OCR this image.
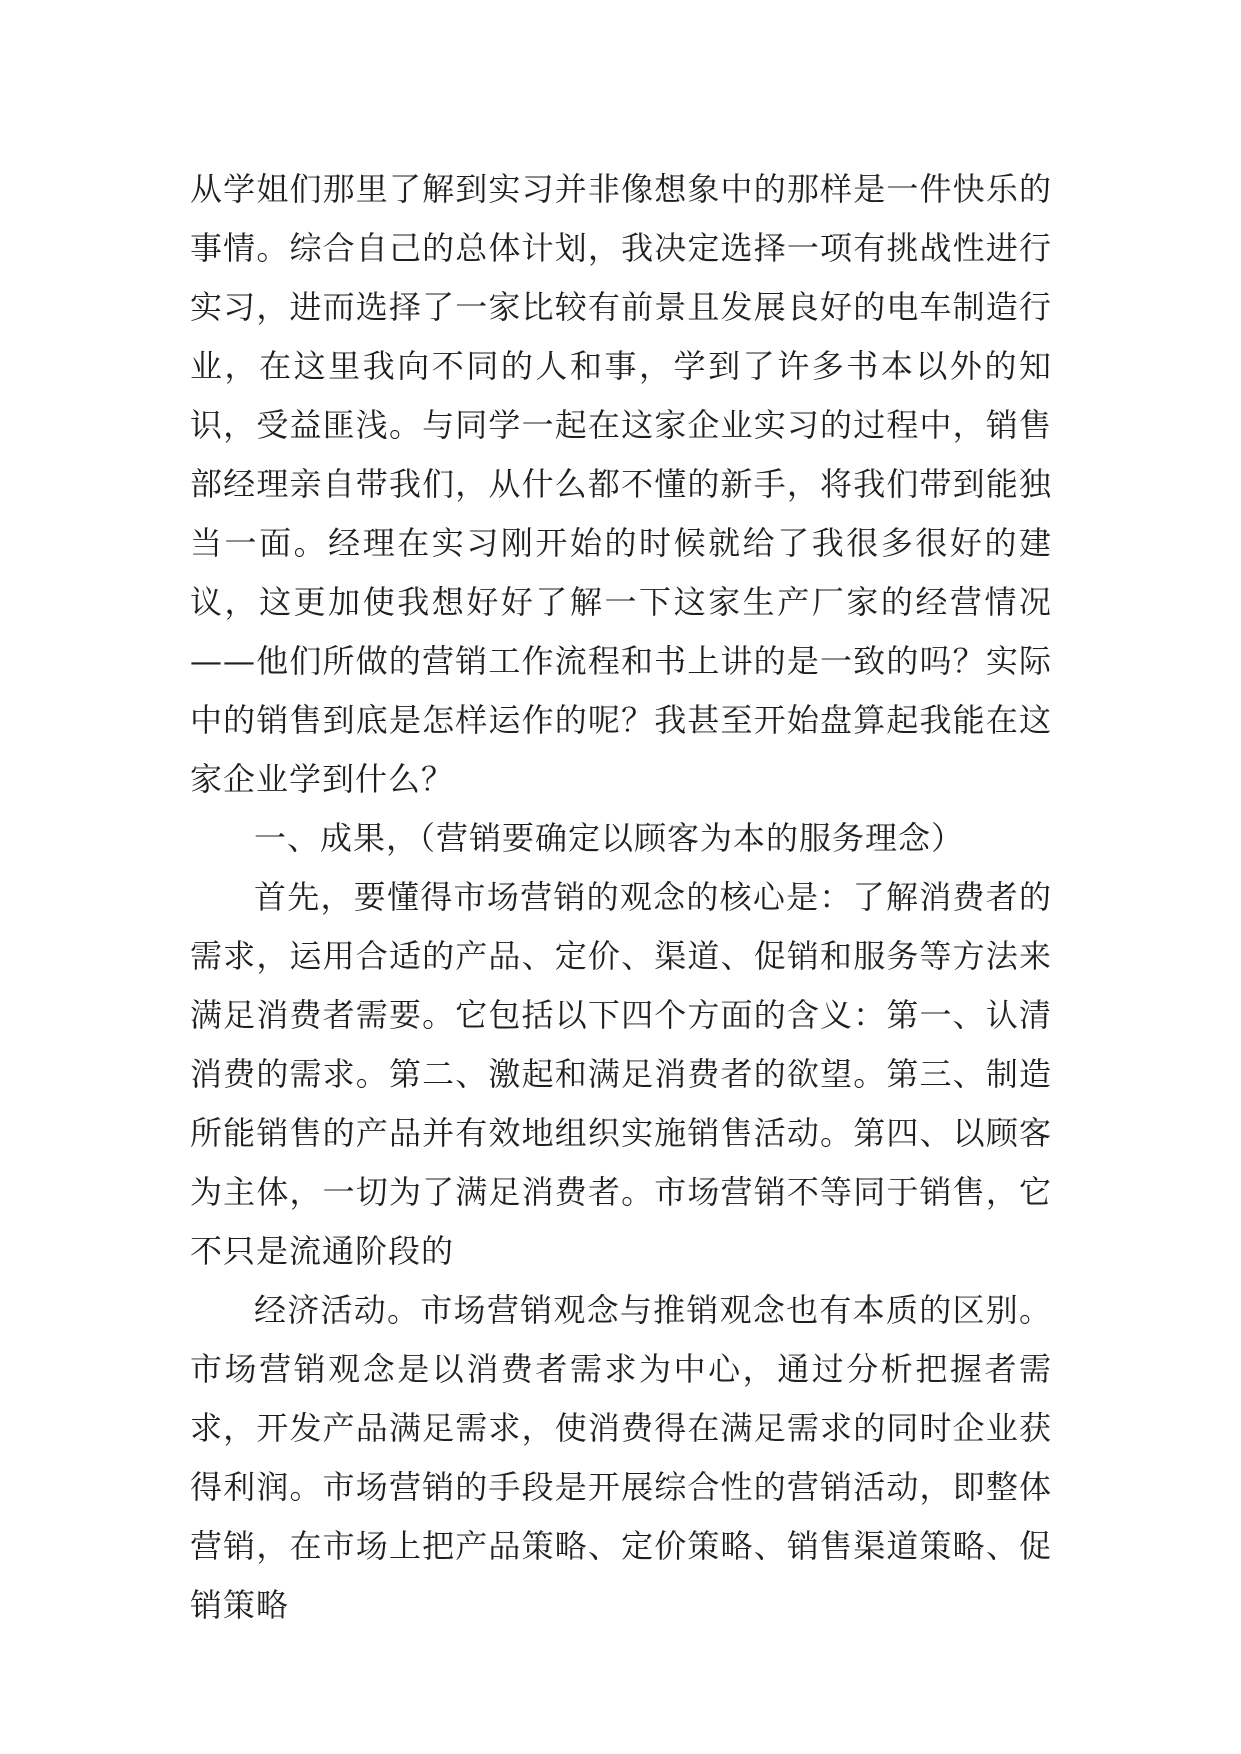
从学姐们那里了解到实习并非像想象中的那样是一件快乐的事情。综合自己的总体计划，我决定选择一项有挑战性进行实习，进而选择了一家比较有前景且发展良好的电车制造行业，在这里我向不同的人和事，学到了许多书本以外的知识，受益匪浅。与同学一起在这家企业实习的过程中，销售部经理亲自带我们，从什么都不懂的新手，将我们带到能独当一面。经理在实习刚开始的时候就给了我很多很好的建议，这更加使我想好好了解一下这家生产厂家的经营情况——他们所做的营销工作流程和书上讲的是一致的吗？实际中的销售到底是怎样运作的呢？我甚至开始盘算起我能在这家企业学到什么？

一、成果，（营销要确定以顾客为本的服务理念）

首先，要懂得市场营销的观念的核心是：了解消费者的需求，运用合适的产品、定价、渠道、促销和服务等方法来满足消费者需要。它包括以下四个方面的含义：第一、认清消费的需求。第二、激起和满足消费者的欲望。第三、制造所能销售的产品并有效地组织实施销售活动。第四、以顾客为主体，一切为了满足消费者。市场营销不等同于销售，它不只是流通阶段的

经济活动。市场营销观念与推销观念也有本质的区别。市场营销观念是以消费者需求为中心，通过分析把握者需求，开发产品满足需求，使消费得在满足需求的同时企业获得利润。市场营销的手段是开展综合性的营销活动，即整体营销，在市场上把产品策略、定价策略、销售渠道策略、促销策略
